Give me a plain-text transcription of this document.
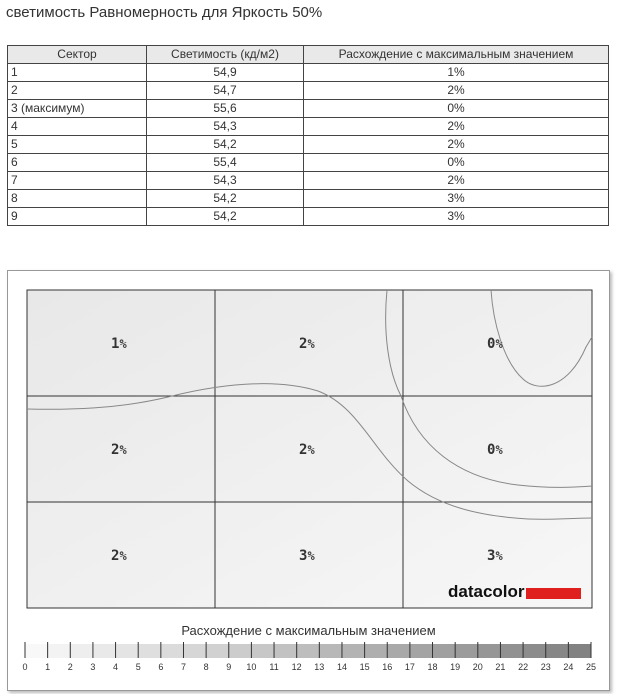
светимость Равномерность для Яркость 50%
Сектор	Светимость (кд/м2)	Расхождение с максимальным значением
1	54,9	1%
2	54,7	2%
3 (максимум)	55,6	0%
4	54,3	2%
5	54,2	2%
6	55,4	0%
7	54,3	2%
8	54,2	3%
9	54,2	3%
1%	2%	0%
2%	2%	0%
2%	3%	3%
datacolor
0 1 2 3 4 5 6 7 8 9 10 11 12 13 14 15 16 17 18 19 20 21 22 23 24 25
Расхождение с максимальным значением
